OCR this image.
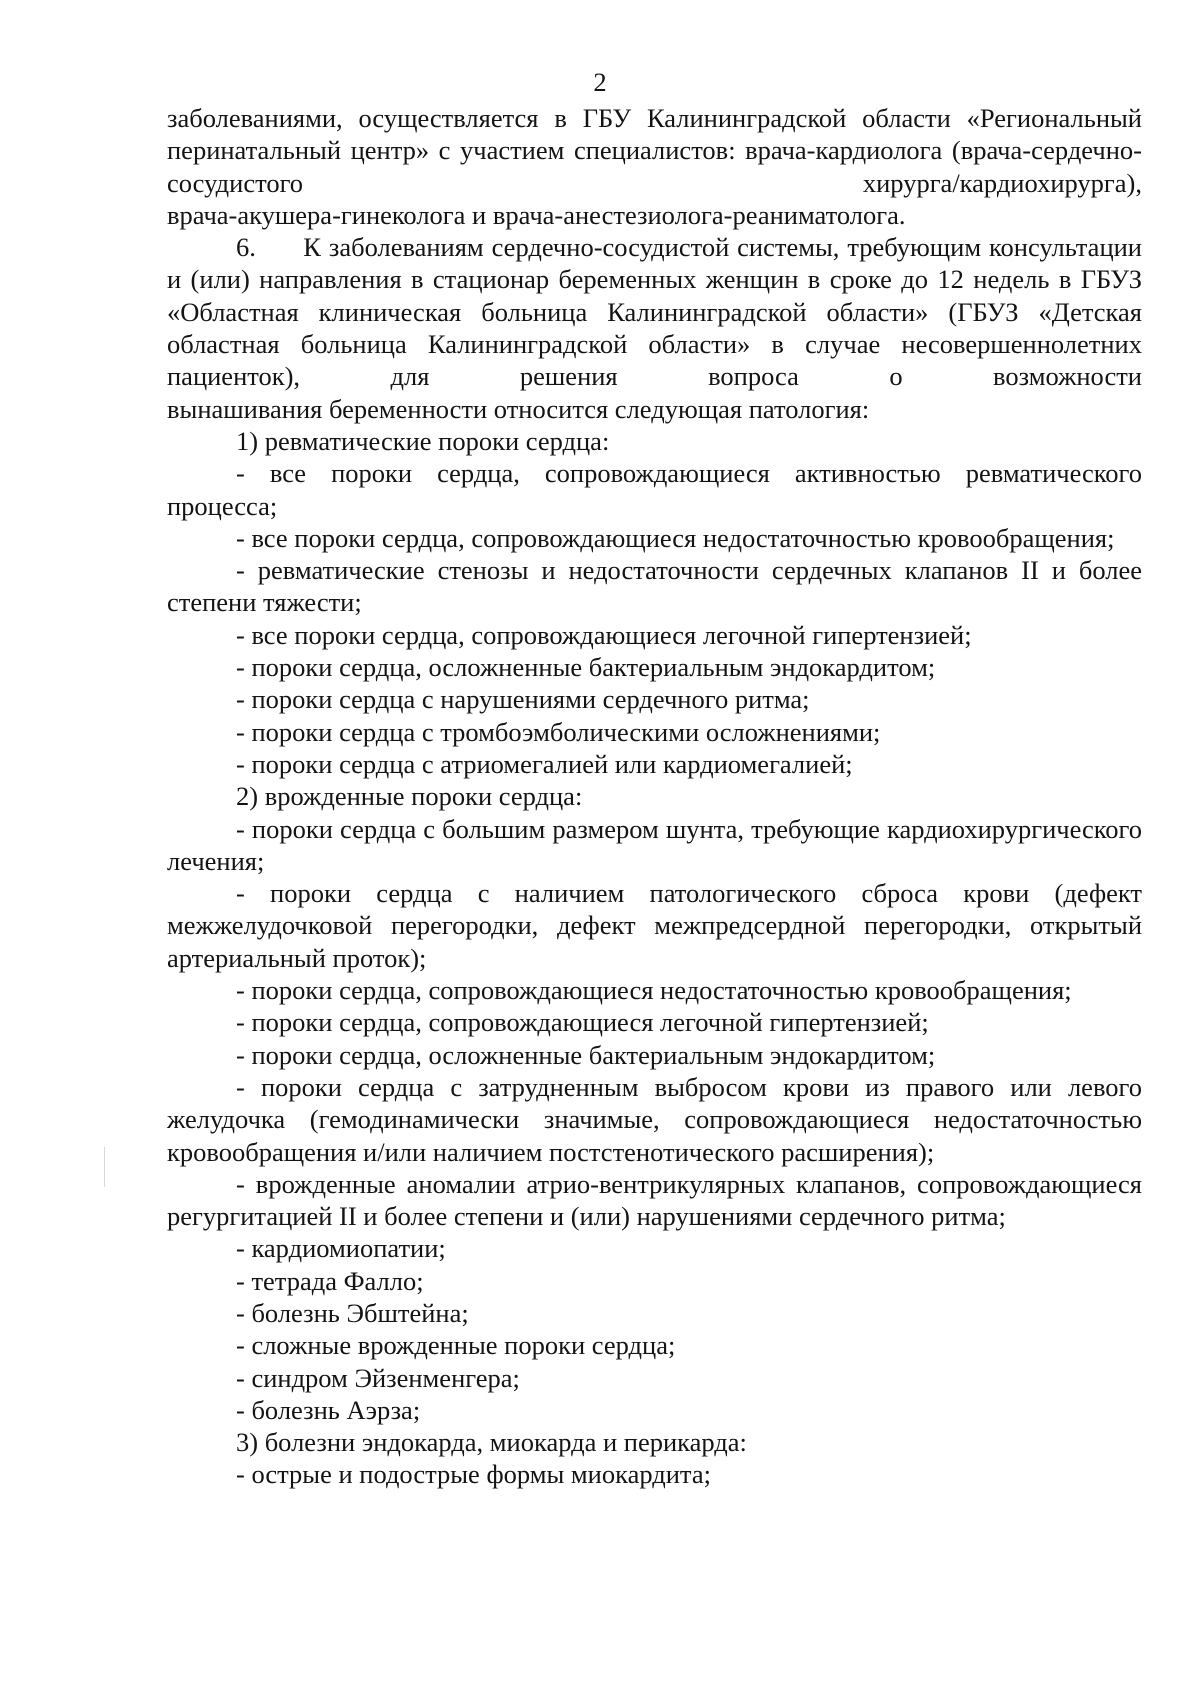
2

заболеваниями, осуществляется в ГБУ Калининградской области «Региональный перинатальный центр» с участием специалистов: врача-кардиолога (врача-сердечно-сосудистого хирурга/кардиохирурга),

врача-акушера-гинеколога и врача-анестезиолога-реаниматолога.

6.      К заболеваниям сердечно-сосудистой системы, требующим консультации и (или) направления в стационар беременных женщин в сроке до 12 недель в ГБУЗ «Областная клиническая больница Калининградской области» (ГБУЗ «Детская областная больница Калининградской области» в случае несовершеннолетних пациенток), для решения вопроса о возможности

вынашивания беременности относится следующая патология:

1) ревматические пороки сердца:

- все пороки сердца, сопровождающиеся активностью ревматического процесса;

- все пороки сердца, сопровождающиеся недостаточностью кровообращения;

- ревматические стенозы и недостаточности сердечных клапанов II и более степени тяжести;

- все пороки сердца, сопровождающиеся легочной гипертензией;

- пороки сердца, осложненные бактериальным эндокардитом;

- пороки сердца с нарушениями сердечного ритма;

- пороки сердца с тромбоэмболическими осложнениями;

- пороки сердца с атриомегалией или кардиомегалией;

2) врожденные пороки сердца:

- пороки сердца с большим размером шунта, требующие кардиохирургического лечения;

- пороки сердца с наличием патологического сброса крови (дефект межжелудочковой перегородки, дефект межпредсердной перегородки, открытый артериальный проток);

- пороки сердца, сопровождающиеся недостаточностью кровообращения;

- пороки сердца, сопровождающиеся легочной гипертензией;

- пороки сердца, осложненные бактериальным эндокардитом;

- пороки сердца с затрудненным выбросом крови из правого или левого желудочка (гемодинамически значимые, сопровождающиеся недостаточностью кровообращения и/или наличием постстенотического расширения);

- врожденные аномалии атрио-вентрикулярных клапанов, сопровождающиеся регургитацией II и более степени и (или) нарушениями сердечного ритма;

- кардиомиопатии;

- тетрада Фалло;

- болезнь Эбштейна;

- сложные врожденные пороки сердца;

- синдром Эйзенменгера;

- болезнь Аэрза;

3) болезни эндокарда, миокарда и перикарда:

- острые и подострые формы миокардита;
